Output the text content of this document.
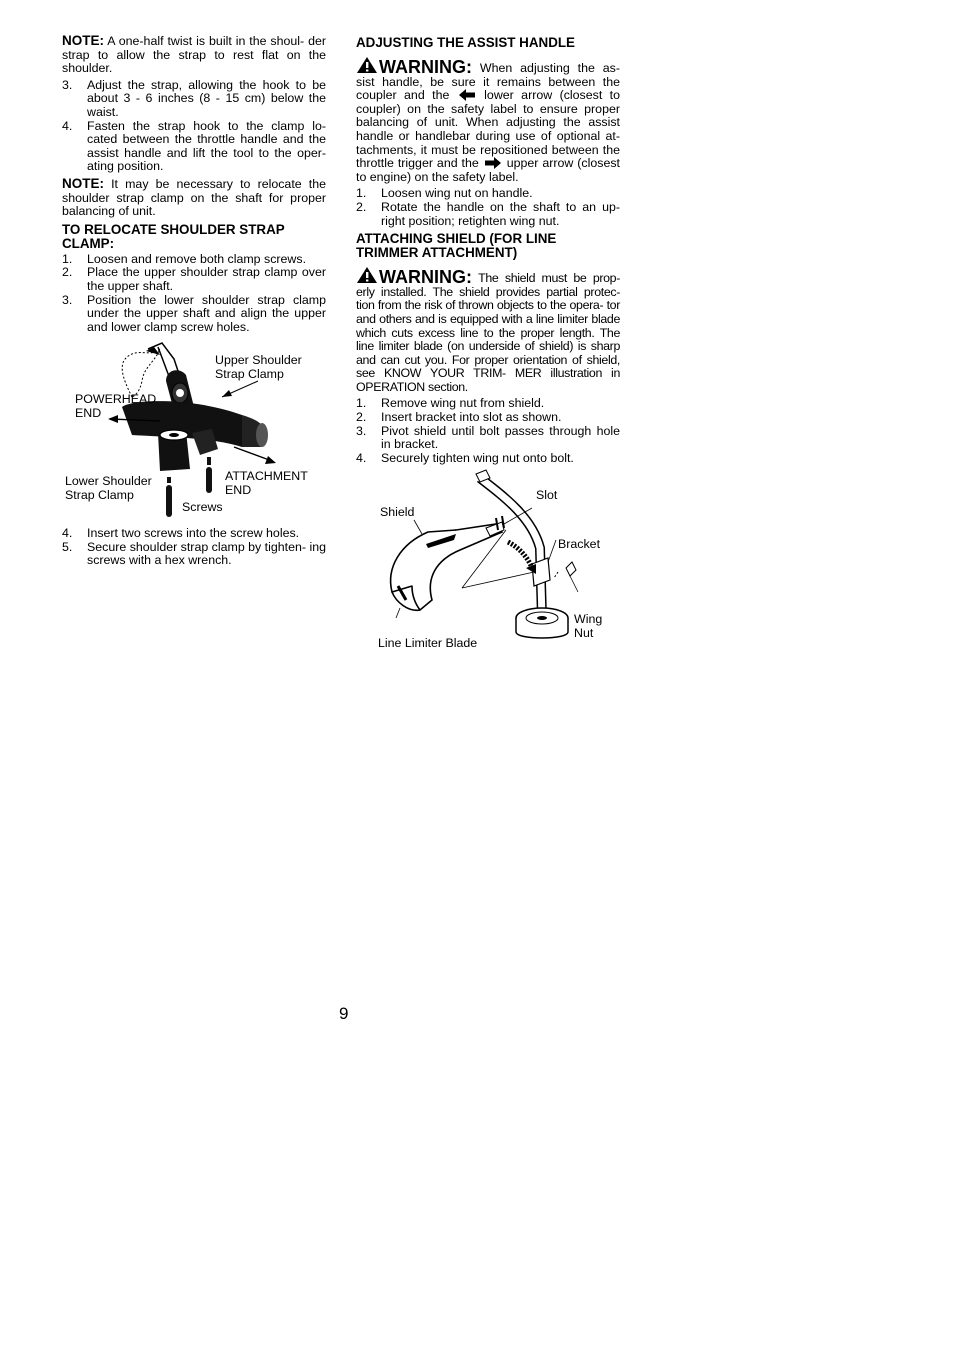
NOTE: A one-half twist is built in the shoul- der strap to allow the strap to rest flat on the shoulder.

3. Adjust the strap, allowing the hook to be about 3 - 6 inches (8 - 15 cm) below the waist.
4. Fasten the strap hook to the clamp lo- cated between the throttle handle and the assist handle and lift the tool to the oper- ating position.

NOTE: It may be necessary to relocate the shoulder strap clamp on the shaft for proper balancing of unit.

TO RELOCATE SHOULDER STRAP CLAMP:
1. Loosen and remove both clamp screws.
2. Place the upper shoulder strap clamp over the upper shaft.
3. Position the lower shoulder strap clamp under the upper shaft and align the upper and lower clamp screw holes.
Upper Shoulder
Strap Clamp
POWERHEAD
END
ATTACHMENT
END
Lower Shoulder
Strap Clamp
Screws
4. Insert two screws into the screw holes.
5. Secure shoulder strap clamp by tighten- ing screws with a hex wrench.
ADJUSTING THE ASSIST HANDLE

WARNING: When adjusting the as- sist handle, be sure it remains between the coupler and the  lower arrow (closest to coupler) on the safety label to ensure proper balancing of unit. When adjusting the assist handle or handlebar during use of optional at- tachments, it must be repositioned between the throttle trigger and the  upper arrow (closest to engine) on the safety label.

1. Loosen wing nut on handle.
2. Rotate the handle on the shaft to an up- right position; retighten wing nut.
ATTACHING SHIELD (FOR LINE TRIMMER ATTACHMENT)

WARNING: The shield must be prop- erly installed. The shield provides partial protec- tion from the risk of thrown objects to the opera- tor and others and is equipped with a line limiter blade which cuts excess line to the proper length. The line limiter blade (on underside of shield) is sharp and can cut you. For proper orientation of shield, see KNOW YOUR TRIM- MER illustration in OPERATION section.

1. Remove wing nut from shield.
2. Insert bracket into slot as shown.
3. Pivot shield until bolt passes through hole in bracket.
4. Securely tighten wing nut onto bolt.
Slot
Shield
Bracket
Wing
Nut
Line Limiter Blade
9
